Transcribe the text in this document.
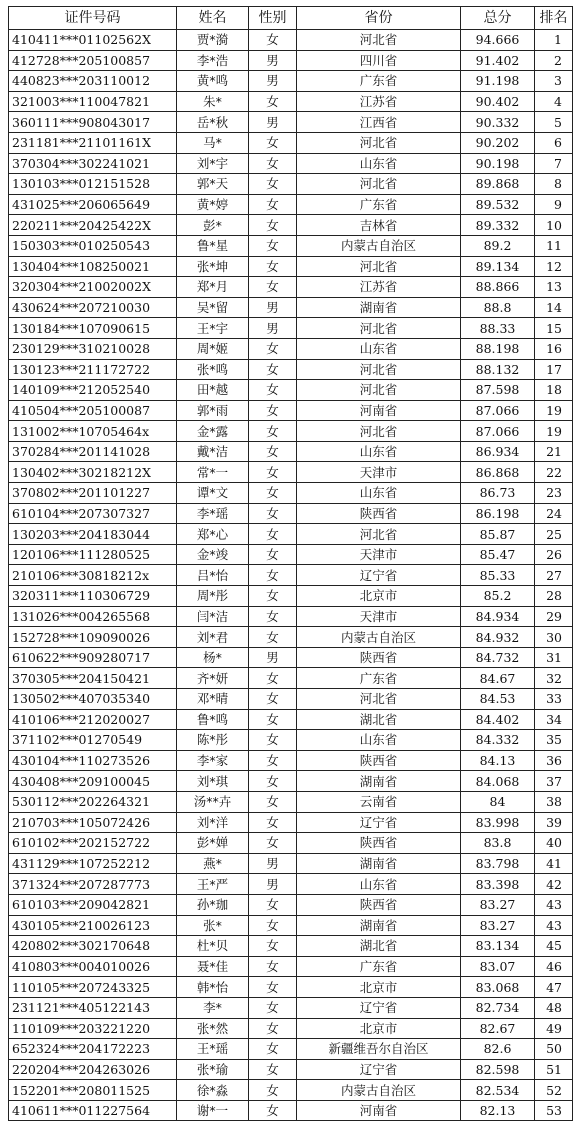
证件号码	姓名	性别	省份	总分	排名
410411***01102562X	贾*漪	女	河北省	94.666	1
412728***205100857	李*浩	男	四川省	91.402	2
440823***203110012	黄*鸣	男	广东省	91.198	3
321003***110047821	朱*	女	江苏省	90.402	4
360111***908043017	岳*秋	男	江西省	90.332	5
231181***21101161X	马*	女	河北省	90.202	6
370304***302241021	刘*宇	女	山东省	90.198	7
130103***012151528	郭*天	女	河北省	89.868	8
431025***206065649	黄*婷	女	广东省	89.532	9
220211***20425422X	彭*	女	吉林省	89.332	10
150303***010250543	鲁*星	女	内蒙古自治区	89.2	11
130404***108250021	张*坤	女	河北省	89.134	12
320304***21002002X	郑*月	女	江苏省	88.866	13
430624***207210030	吴*留	男	湖南省	88.8	14
130184***107090615	王*宇	男	河北省	88.33	15
230129***310210028	周*姬	女	山东省	88.198	16
130123***211172722	张*鸣	女	河北省	88.132	17
140109***212052540	田*越	女	河北省	87.598	18
410504***205100087	郭*雨	女	河南省	87.066	19
131002***10705464x	金*露	女	河北省	87.066	19
370284***201141028	戴*洁	女	山东省	86.934	21
130402***30218212X	常*一	女	天津市	86.868	22
370802***201101227	谭*文	女	山东省	86.73	23
610104***207307327	李*瑶	女	陕西省	86.198	24
130203***204183044	郑*心	女	河北省	85.87	25
120106***111280525	金*竣	女	天津市	85.47	26
210106***30818212x	吕*怡	女	辽宁省	85.33	27
320311***110306729	周*彤	女	北京市	85.2	28
131026***004265568	闫*洁	女	天津市	84.934	29
152728***109090026	刘*君	女	内蒙古自治区	84.932	30
610622***909280717	杨*	男	陕西省	84.732	31
370305***204150421	齐*妍	女	广东省	84.67	32
130502***407035340	邓*晴	女	河北省	84.53	33
410106***212020027	鲁*鸣	女	湖北省	84.402	34
371102***01270549	陈*彤	女	山东省	84.332	35
430104***110273526	李*家	女	陕西省	84.13	36
430408***209100045	刘*琪	女	湖南省	84.068	37
530112***202264321	汤**卉	女	云南省	84	38
210703***105072426	刘*洋	女	辽宁省	83.998	39
610102***202152722	彭*婵	女	陕西省	83.8	40
431129***107252212	燕*	男	湖南省	83.798	41
371324***207287773	王*严	男	山东省	83.398	42
610103***209042821	孙*珈	女	陕西省	83.27	43
430105***210026123	张*	女	湖南省	83.27	43
420802***302170648	杜*贝	女	湖北省	83.134	45
410803***004010026	聂*佳	女	广东省	83.07	46
110105***207243325	韩*怡	女	北京市	83.068	47
231121***405122143	李*	女	辽宁省	82.734	48
110109***203221220	张*然	女	北京市	82.67	49
652324***204172223	王*瑶	女	新疆维吾尔自治区	82.6	50
220204***204263026	张*瑜	女	辽宁省	82.598	51
152201***208011525	徐*淼	女	内蒙古自治区	82.534	52
410611***011227564	谢*一	女	河南省	82.13	53
